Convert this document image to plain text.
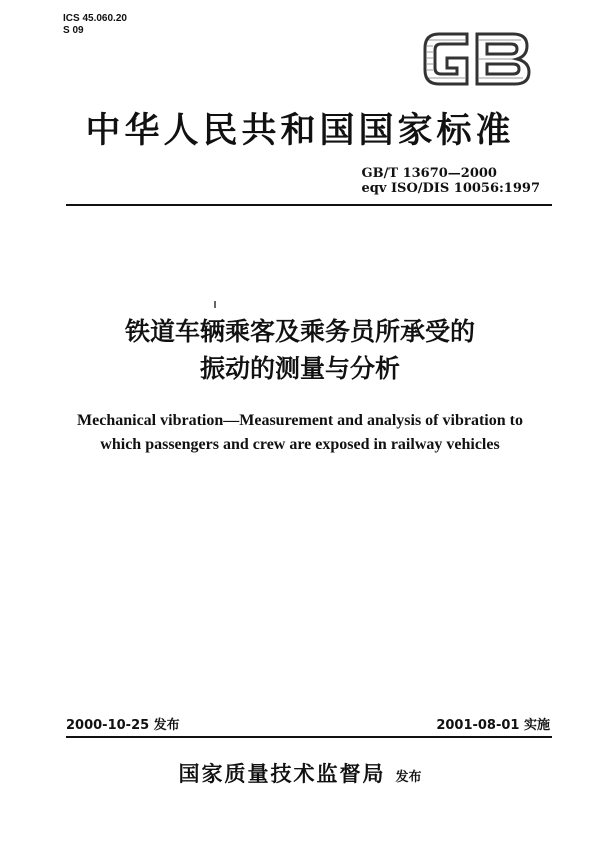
ICS 45.060.20
S 09
中华人民共和国国家标准
GB/T 13670—2000
eqv ISO/DIS 10056:1997
铁道车辆乘客及乘务员所承受的
振动的测量与分析
Mechanical vibration—Measurement and analysis of vibration to
which passengers and crew are exposed in railway vehicles
2000-10-25 发布	2001-08-01 实施
国家质量技术监督局 发布
